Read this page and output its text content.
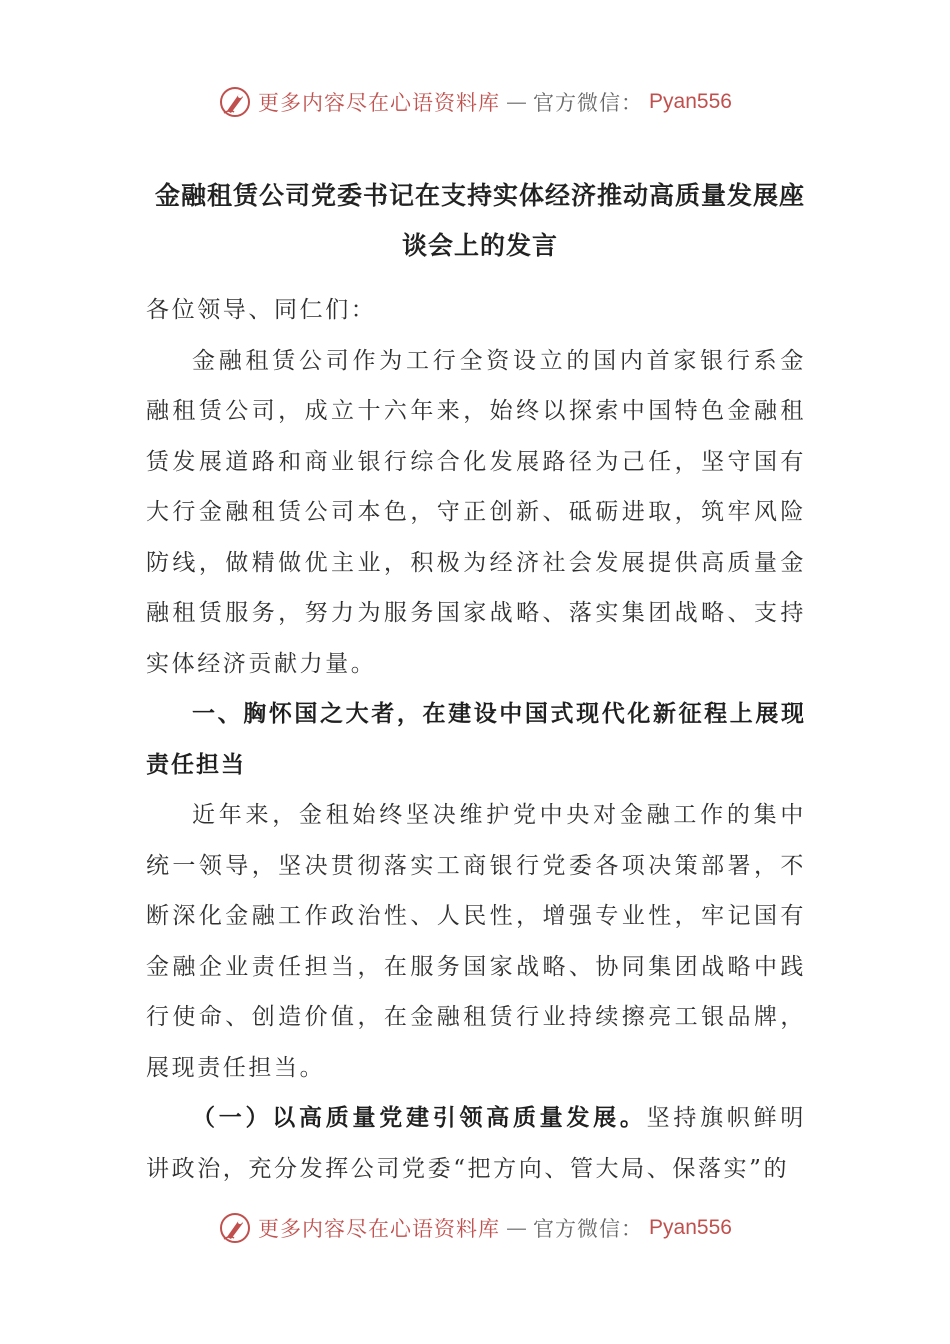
更多内容尽在心语资料库 — 官方微信： Pyan556
金融租赁公司党委书记在支持实体经济推动高质量发展座
谈会上的发言

各位领导、同仁们：

金融租赁公司作为工行全资设立的国内首家银行系金融租赁公司，成立十六年来，始终以探索中国特色金融租赁发展道路和商业银行综合化发展路径为己任，坚守国有大行金融租赁公司本色，守正创新、砥砺进取，筑牢风险防线，做精做优主业，积极为经济社会发展提供高质量金融租赁服务，努力为服务国家战略、落实集团战略、支持实体经济贡献力量。

一、胸怀国之大者，在建设中国式现代化新征程上展现责任担当

近年来，金租始终坚决维护党中央对金融工作的集中统一领导，坚决贯彻落实工商银行党委各项决策部署，不断深化金融工作政治性、人民性，增强专业性，牢记国有金融企业责任担当，在服务国家战略、协同集团战略中践行使命、创造价值，在金融租赁行业持续擦亮工银品牌，展现责任担当。

（一）以高质量党建引领高质量发展。坚持旗帜鲜明讲政治，充分发挥公司党委“把方向、管大局、保落实”的

更多内容尽在心语资料库 — 官方微信： Pyan556
